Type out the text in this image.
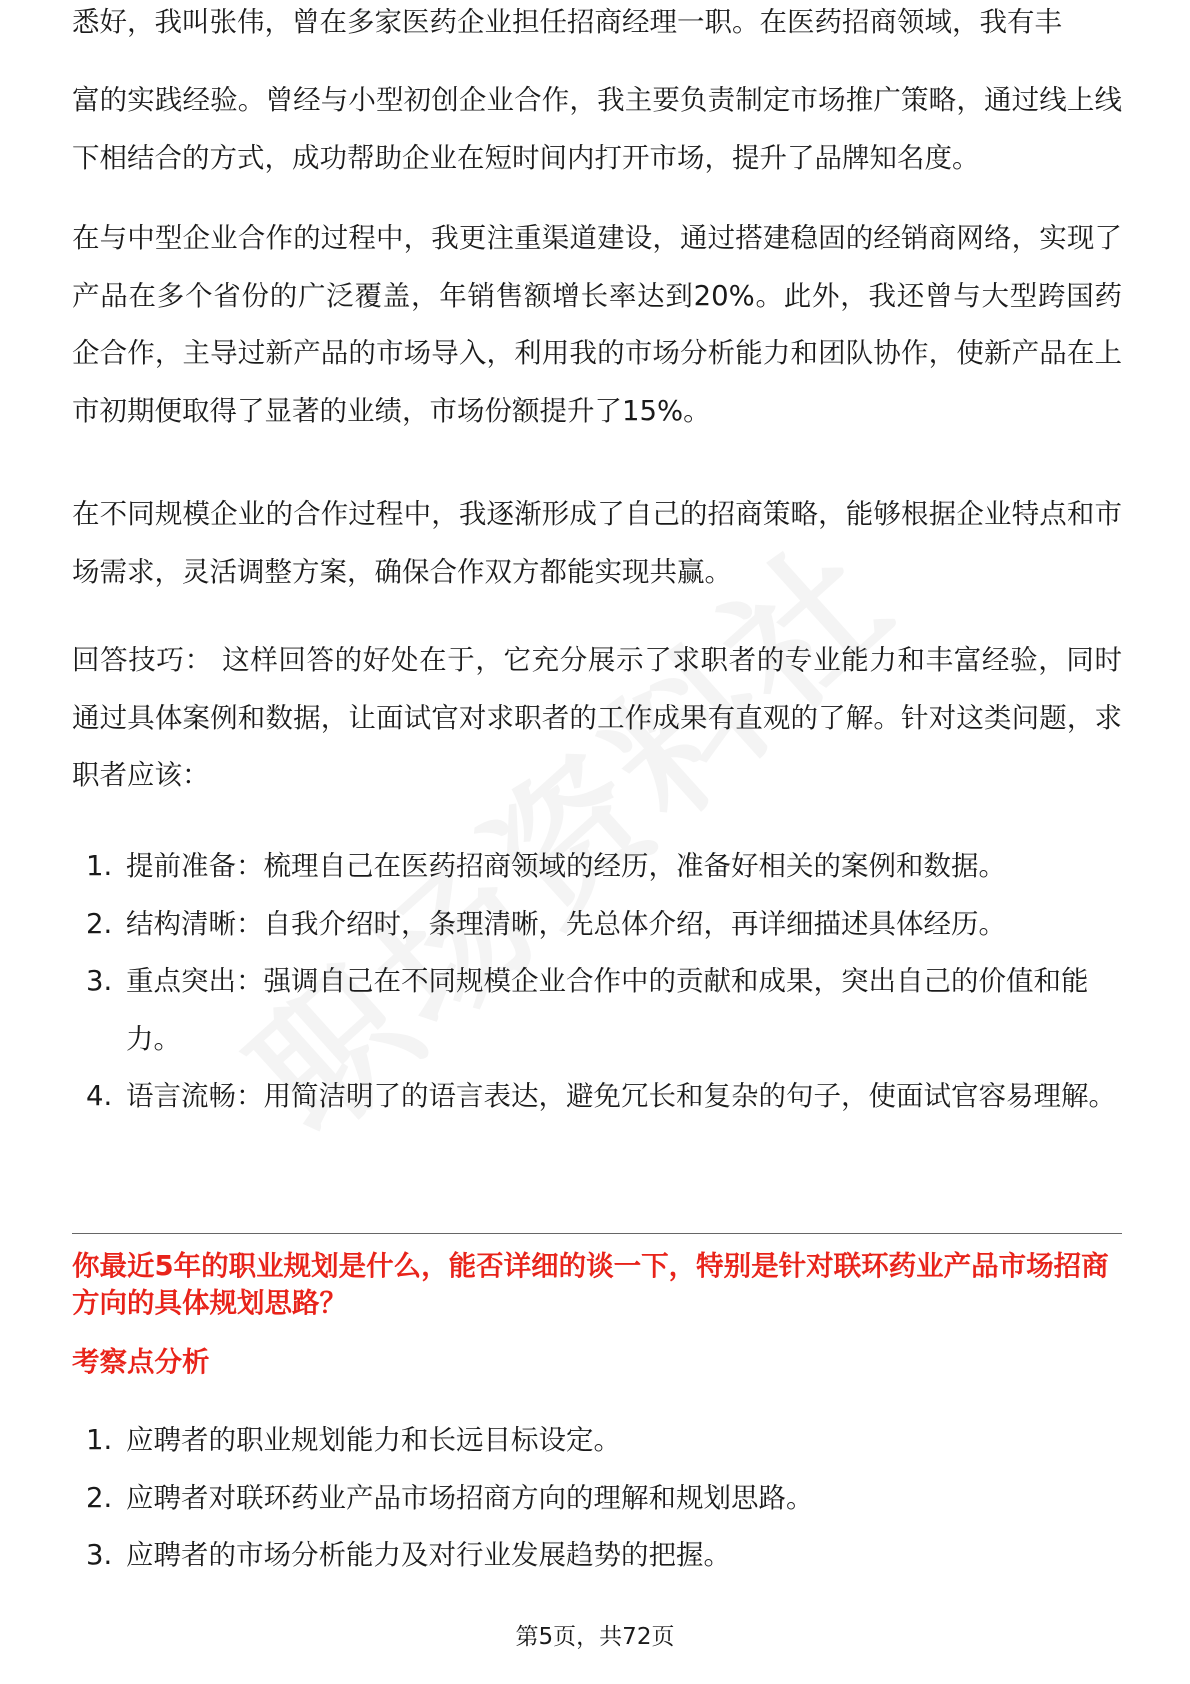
悉好，我叫张伟，曾在多家医药企业担任招商经理一职。在医药招商领域，我有丰

富的实践经验。曾经与小型初创企业合作，我主要负责制定市场推广策略，通过线上线下相结合的方式，成功帮助企业在短时间内打开市场，提升了品牌知名度。

在与中型企业合作的过程中，我更注重渠道建设，通过搭建稳固的经销商网络，实现了产品在多个省份的广泛覆盖，年销售额增长率达到20%。此外，我还曾与大型跨国药企合作，主导过新产品的市场导入，利用我的市场分析能力和团队协作，使新产品在上市初期便取得了显著的业绩，市场份额提升了15%。

在不同规模企业的合作过程中，我逐渐形成了自己的招商策略，能够根据企业特点和市场需求，灵活调整方案，确保合作双方都能实现共赢。

回答技巧： 这样回答的好处在于，它充分展示了求职者的专业能力和丰富经验，同时通过具体案例和数据，让面试官对求职者的工作成果有直观的了解。针对这类问题，求职者应该：

1. 提前准备：梳理自己在医药招商领域的经历，准备好相关的案例和数据。
2. 结构清晰：自我介绍时，条理清晰，先总体介绍，再详细描述具体经历。
3. 重点突出：强调自己在不同规模企业合作中的贡献和成果，突出自己的价值和能力。
4. 语言流畅：用简洁明了的语言表达，避免冗长和复杂的句子，使面试官容易理解。
你最近5年的职业规划是什么，能否详细的谈一下，特别是针对联环药业产品市场招商方向的具体规划思路？
考察点分析
1. 应聘者的职业规划能力和长远目标设定。
2. 应聘者对联环药业产品市场招商方向的理解和规划思路。
3. 应聘者的市场分析能力及对行业发展趋势的把握。
第5页，共72页
